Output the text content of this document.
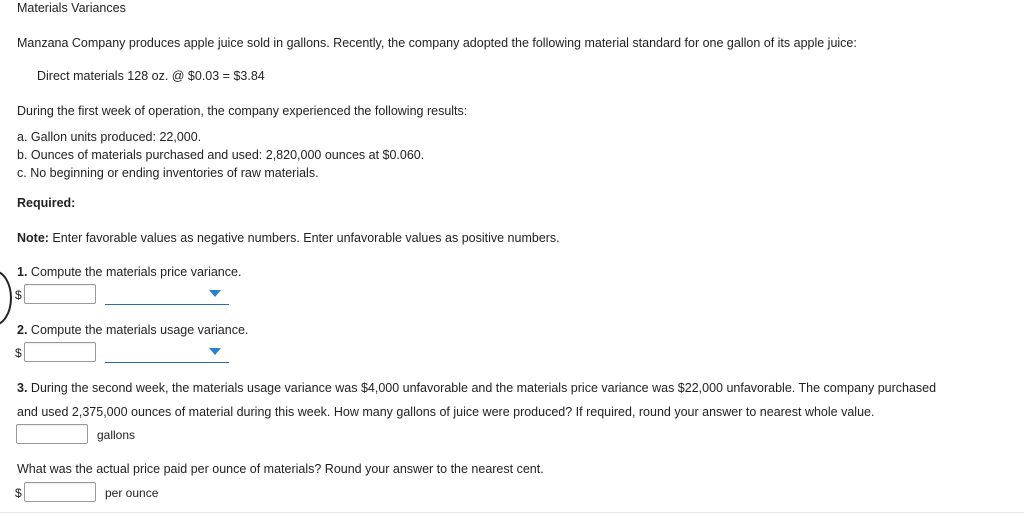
Materials Variances
Manzana Company produces apple juice sold in gallons. Recently, the company adopted the following material standard for one gallon of its apple juice:
Direct materials 128 oz. @ $0.03 = $3.84
During the first week of operation, the company experienced the following results:
a. Gallon units produced: 22,000.
b. Ounces of materials purchased and used: 2,820,000 ounces at $0.060.
c. No beginning or ending inventories of raw materials.
Required:
Note: Enter favorable values as negative numbers. Enter unfavorable values as positive numbers.
1. Compute the materials price variance.
$
2. Compute the materials usage variance.
$
3. During the second week, the materials usage variance was $4,000 unfavorable and the materials price variance was $22,000 unfavorable. The company purchased
and used 2,375,000 ounces of material during this week. How many gallons of juice were produced? If required, round your answer to nearest whole value.
gallons
What was the actual price paid per ounce of materials? Round your answer to the nearest cent.
$	per ounce
